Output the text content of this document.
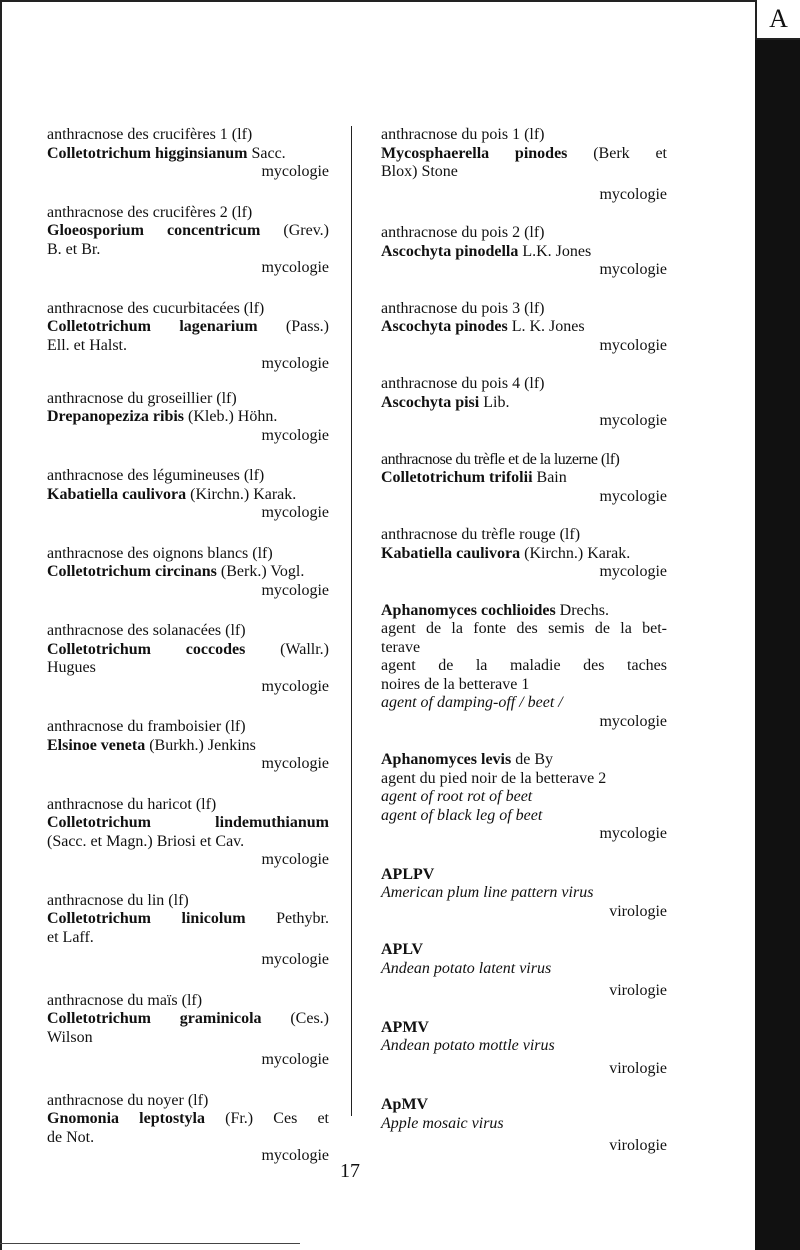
A
anthracnose des crucifères 1 (lf)
Colletotrichum higginsianum Sacc.
mycologie
anthracnose des crucifères 2 (lf)
Gloeosporium concentricum (Grev.)
B. et Br.
mycologie
anthracnose des cucurbitacées (lf)
Colletotrichum lagenarium (Pass.)
Ell. et Halst.
mycologie
anthracnose du groseillier (lf)
Drepanopeziza ribis (Kleb.) Höhn.
mycologie
anthracnose des légumineuses (lf)
Kabatiella caulivora (Kirchn.) Karak.
mycologie
anthracnose des oignons blancs (lf)
Colletotrichum circinans (Berk.) Vogl.
mycologie
anthracnose des solanacées (lf)
Colletotrichum coccodes (Wallr.)
Hugues
mycologie
anthracnose du framboisier (lf)
Elsinoe veneta (Burkh.) Jenkins
mycologie
anthracnose du haricot (lf)
Colletotrichum lindemuthianum
(Sacc. et Magn.) Briosi et Cav.
mycologie
anthracnose du lin (lf)
Colletotrichum linicolum Pethybr.
et Laff.
mycologie
anthracnose du maïs (lf)
Colletotrichum graminicola (Ces.)
Wilson
mycologie
anthracnose du noyer (lf)
Gnomonia leptostyla (Fr.) Ces et
de Not.
mycologie
anthracnose du pois 1 (lf)
Mycosphaerella pinodes (Berk et
Blox) Stone
mycologie
anthracnose du pois 2 (lf)
Ascochyta pinodella L.K. Jones
mycologie
anthracnose du pois 3 (lf)
Ascochyta pinodes L. K. Jones
mycologie
anthracnose du pois 4 (lf)
Ascochyta pisi Lib.
mycologie
anthracnose du trèfle et de la luzerne (lf)
Colletotrichum trifolii Bain
mycologie
anthracnose du trèfle rouge (lf)
Kabatiella caulivora (Kirchn.) Karak.
mycologie
Aphanomyces cochlioides Drechs.
agent de la fonte des semis de la bet-
terave
agent de la maladie des taches
noires de la betterave 1
agent of damping-off / beet /
mycologie
Aphanomyces levis de By
agent du pied noir de la betterave 2
agent of root rot of beet
agent of black leg of beet
mycologie
APLPV
American plum line pattern virus
virologie
APLV
Andean potato latent virus
virologie
APMV
Andean potato mottle virus
virologie
ApMV
Apple mosaic virus
virologie
17
